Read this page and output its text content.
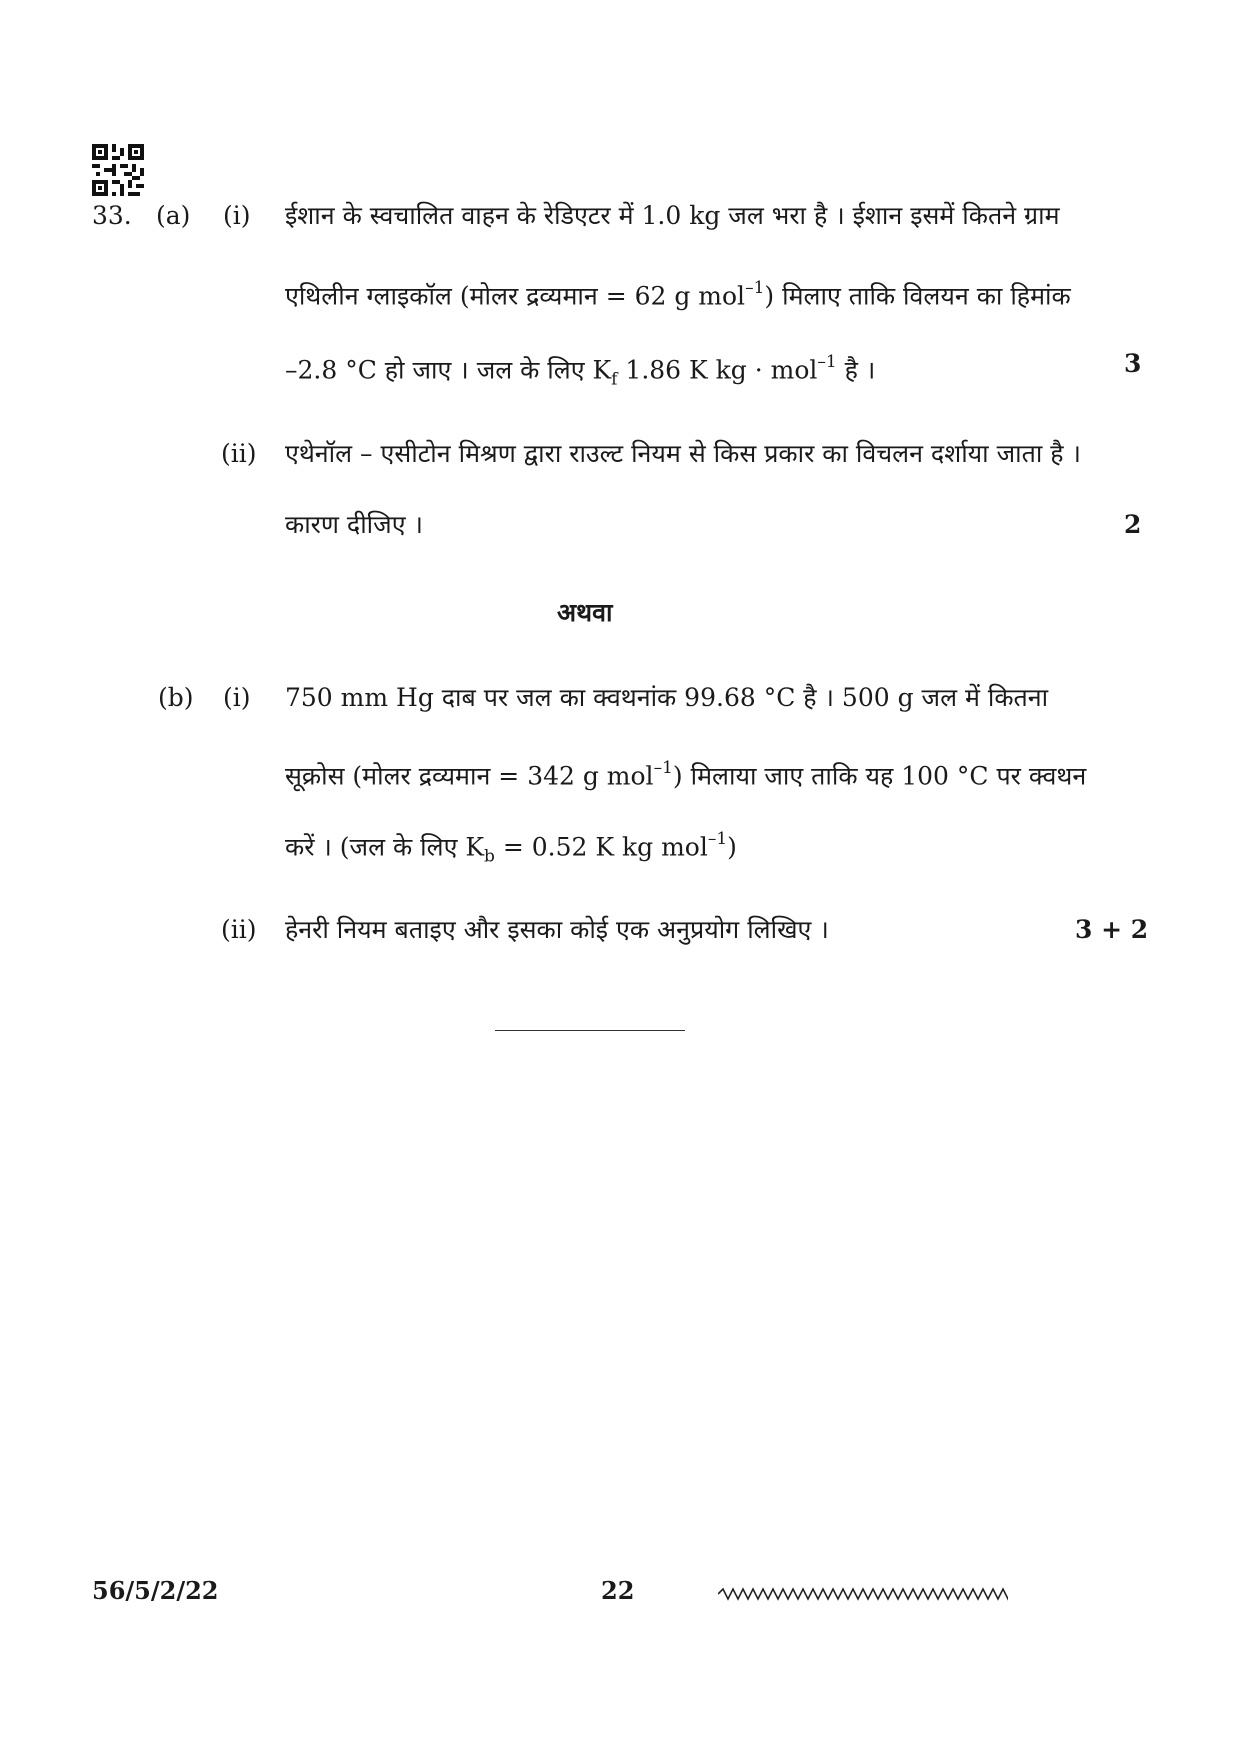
33. (a) (i) ईशान के स्वचालित वाहन के रेडिएटर में 1.0 kg जल भरा है । ईशान इसमें कितने ग्राम
एथिलीन ग्लाइकॉल (मोलर द्रव्यमान = 62 g mol$^{-1}$) मिलाए ताकि विलयन का हिमांक
–2.8 °C हो जाए । जल के लिए $K_f$ 1.86 K kg · mol$^{-1}$ है ।	3
(ii) एथेनॉल – एसीटोन मिश्रण द्वारा राउल्ट नियम से किस प्रकार का विचलन दर्शाया जाता है ।
कारण दीजिए ।	2
अथवा
(b) (i) 750 mm Hg दाब पर जल का क्वथनांक 99.68 °C है । 500 g जल में कितना
सूक्रोस (मोलर द्रव्यमान = 342 g mol$^{-1}$) मिलाया जाए ताकि यह 100 °C पर क्वथन
करें । (जल के लिए $K_b = 0.52$ K kg mol$^{-1}$)
(ii) हेनरी नियम बताइए और इसका कोई एक अनुप्रयोग लिखिए ।	3 + 2
56/5/2/22	22
